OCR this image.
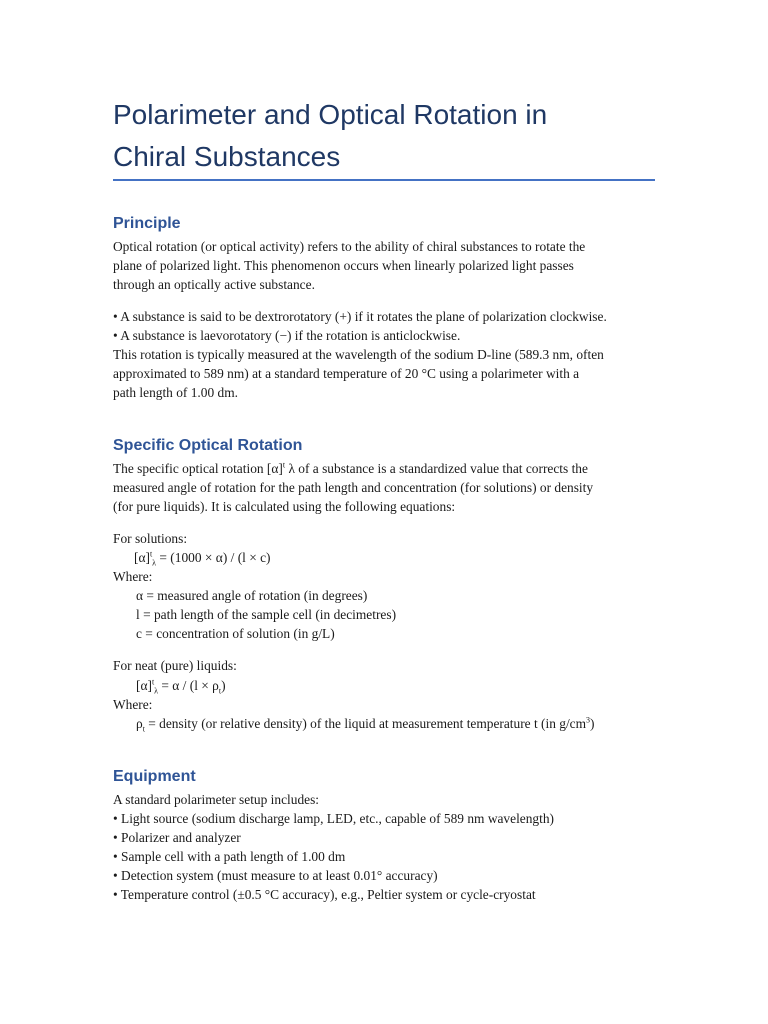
Polarimeter and Optical Rotation in
Chiral Substances
Principle

Optical rotation (or optical activity) refers to the ability of chiral substances to rotate the

plane of polarized light. This phenomenon occurs when linearly polarized light passes

through an optically active substance.

• A substance is said to be dextrorotatory (+) if it rotates the plane of polarization clockwise.

• A substance is laevorotatory (−) if the rotation is anticlockwise.

This rotation is typically measured at the wavelength of the sodium D-line (589.3 nm, often

approximated to 589 nm) at a standard temperature of 20 °C using a polarimeter with a

path length of 1.00 dm.

Specific Optical Rotation

The specific optical rotation $[\alpha]^t$ λ of a substance is a standardized value that corrects the

measured angle of rotation for the path length and concentration (for solutions) or density

(for pure liquids). It is calculated using the following equations:

For solutions:

$[\alpha]^t_\lambda = (1000 \times \alpha) / (l \times c)$

Where:

α = measured angle of rotation (in degrees)

l = path length of the sample cell (in decimetres)

c = concentration of solution (in g/L)

For neat (pure) liquids:

$[\alpha]^t_\lambda = \alpha / (l \times \rho_t)$

Where:

$\rho_t$ = density (or relative density) of the liquid at measurement temperature t (in $g/cm^3$)

Equipment

A standard polarimeter setup includes:

• Light source (sodium discharge lamp, LED, etc., capable of 589 nm wavelength)

• Polarizer and analyzer

• Sample cell with a path length of 1.00 dm

• Detection system (must measure to at least 0.01° accuracy)

• Temperature control (±0.5 °C accuracy), e.g., Peltier system or cycle-cryostat
